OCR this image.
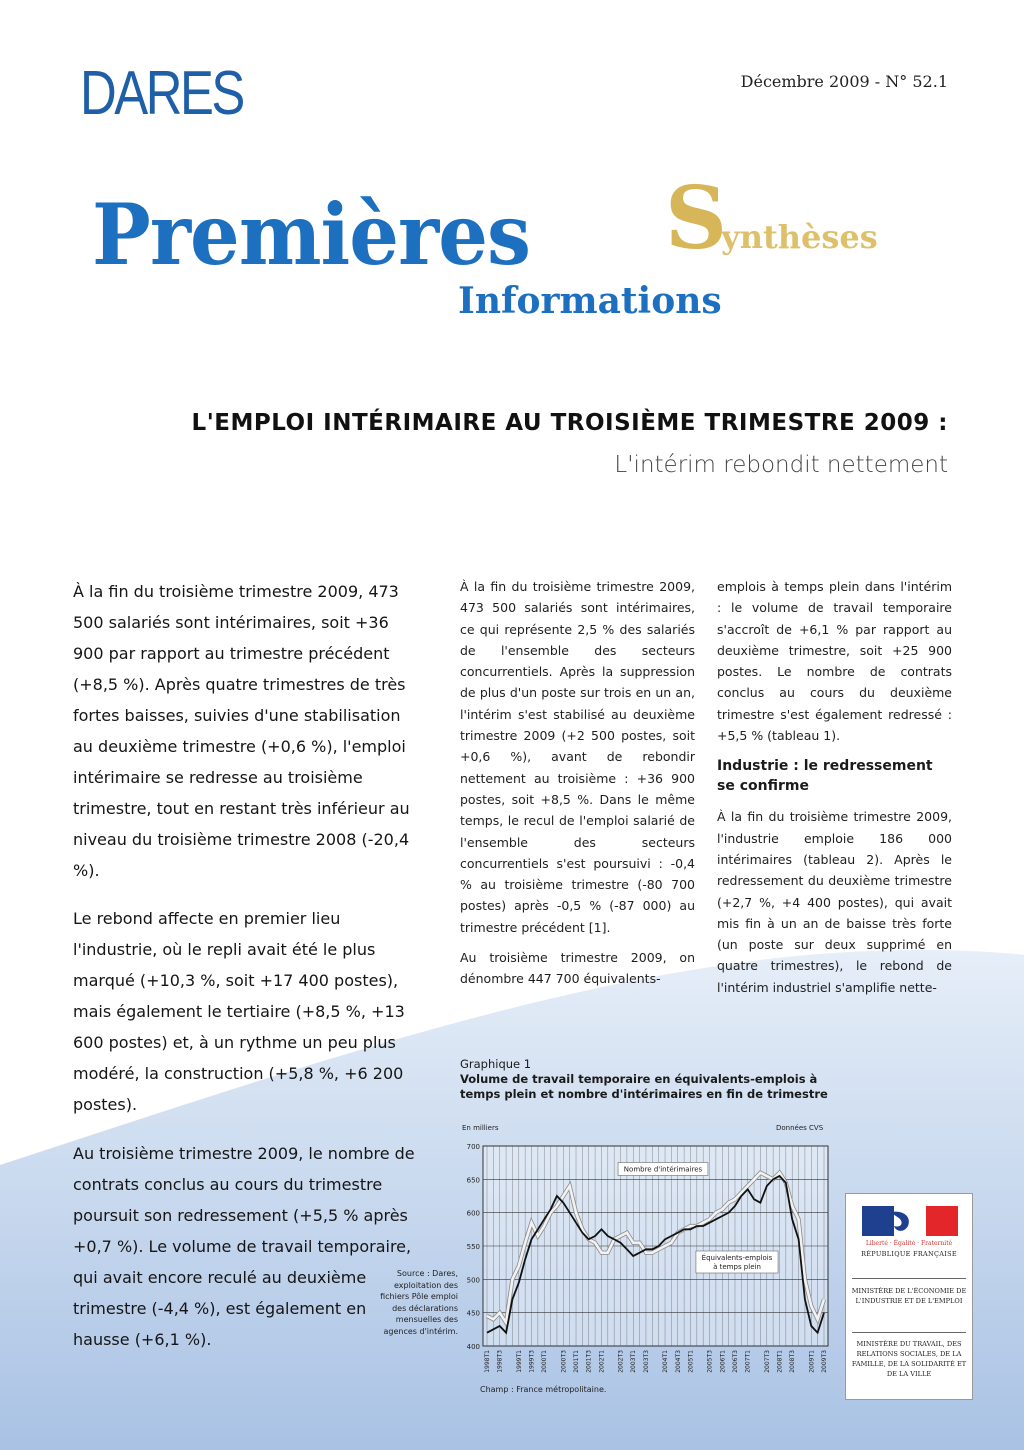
DARES	Décembre 2009 - N° 52.1
Premières Synthèses
Informations
L'EMPLOI INTÉRIMAIRE AU TROISIÈME TRIMESTRE 2009 :
L'intérim rebondit nettement
À la fin du troisième trimestre 2009, 473 500 salariés sont intérimaires, soit +36 900 par rapport au trimestre précédent (+8,5 %). Après quatre trimestres de très fortes baisses, suivies d'une stabilisation au deuxième trimestre (+0,6 %), l'emploi intérimaire se redresse au troisième trimestre, tout en restant très inférieur au niveau du troisième trimestre 2008 (-20,4 %).
Le rebond affecte en premier lieu l'industrie, où le repli avait été le plus marqué (+10,3 %, soit +17 400 postes), mais également le tertiaire (+8,5 %, +13 600 postes) et, à un rythme un peu plus modéré, la construction (+5,8 %, +6 200 postes).
Au troisième trimestre 2009, le nombre de contrats conclus au cours du trimestre poursuit son redressement (+5,5 % après +0,7 %). Le volume de travail temporaire, qui avait encore reculé au deuxième trimestre (-4,4 %), est également en hausse (+6,1 %).

À la fin du troisième trimestre 2009, 473 500 salariés sont intérimaires, ce qui représente 2,5 % des salariés de l'ensemble des secteurs concurrentiels. Après la suppression de plus d'un poste sur trois en un an, l'intérim s'est stabilisé au deuxième trimestre 2009 (+2 500 postes, soit +0,6 %), avant de rebondir nettement au troisième : +36 900 postes, soit +8,5 %. Dans le même temps, le recul de l'emploi salarié de l'ensemble des secteurs concurrentiels s'est poursuivi : -0,4 % au troisième trimestre (-80 700 postes) après -0,5 % (-87 000) au trimestre précédent [1].

Au troisième trimestre 2009, on dénombre 447 700 équivalents-

emplois à temps plein dans l'intérim : le volume de travail temporaire s'accroît de +6,1 % par rapport au deuxième trimestre, soit +25 900 postes. Le nombre de contrats conclus au cours du deuxième trimestre s'est également redressé : +5,5 % (tableau 1).

Industrie : le redressement se confirme

À la fin du troisième trimestre 2009, l'industrie emploie 186 000 intérimaires (tableau 2). Après le redressement du deuxième trimestre (+2,7 %, +4 400 postes), qui avait mis fin à un an de baisse très forte (un poste sur deux supprimé en quatre trimestres), le rebond de l'intérim industriel s'amplifie nette-

Graphique 1
Volume de travail temporaire en équivalents-emplois à temps plein et nombre d'intérimaires en fin de trimestre
En milliers	Données CVS
400
450
500
550
600
650
700
1998T1 1998T3 1999T1 1999T3 2000T1 2000T3 2001T1 2001T3 2002T1 2002T3 2003T1 2003T3 2004T1 2004T3 2005T1 2005T3 2006T1 2006T3 2007T1 2007T3 2008T1 2008T3 2009T1 2009T3
Nombre d'intérimaires
Équivalents-emplois
à temps plein
Source : Dares, exploitation des fichiers Pôle emploi des déclarations mensuelles des agences d'intérim.
Champ : France métropolitaine.
Liberté · Égalité · Fraternité
RÉPUBLIQUE FRANÇAISE
MINISTÈRE DE L'ÉCONOMIE DE L'INDUSTRIE ET DE L'EMPLOI
MINISTÈRE DU TRAVAIL, DES RELATIONS SOCIALES, DE LA FAMILLE, DE LA SOLIDARITÉ ET DE LA VILLE
